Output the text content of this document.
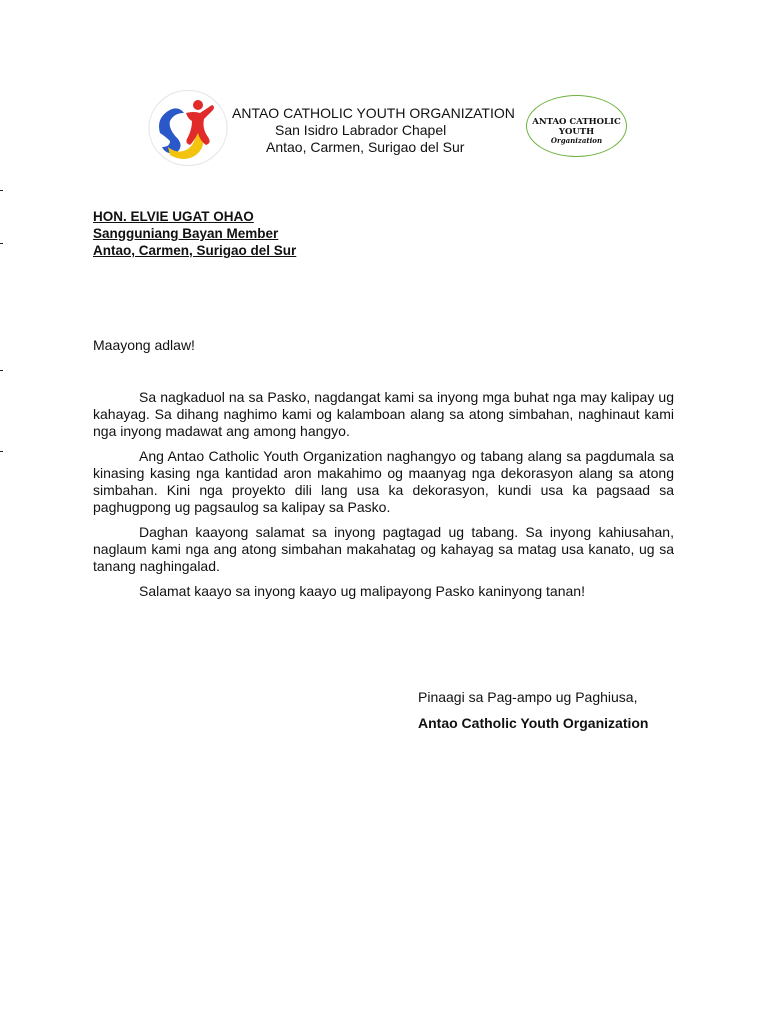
ANTAO CATHOLIC YOUTH ORGANIZATION
San Isidro Labrador Chapel
Antao, Carmen, Surigao del Sur
ANTAO CATHOLIC
YOUTH
Organization
HON. ELVIE UGAT OHAO
Sangguniang Bayan Member
Antao, Carmen, Surigao del Sur
Maayong adlaw!

Sa nagkaduol na sa Pasko, nagdangat kami sa inyong mga buhat nga may kalipay ug kahayag. Sa dihang naghimo kami og kalamboan alang sa atong simbahan, naghinaut kami nga inyong madawat ang among hangyo.

Ang Antao Catholic Youth Organization naghangyo og tabang alang sa pagdumala sa kinasing kasing nga kantidad aron makahimo og maanyag nga dekorasyon alang sa atong simbahan. Kini nga proyekto dili lang usa ka dekorasyon, kundi usa ka pagsaad sa paghugpong ug pagsaulog sa kalipay sa Pasko.

Daghan kaayong salamat sa inyong pagtagad ug tabang. Sa inyong kahiusahan, naglaum kami nga ang atong simbahan makahatag og kahayag sa matag usa kanato, ug sa tanang naghingalad.

Salamat kaayo sa inyong kaayo ug malipayong Pasko kaninyong tanan!

Pinaagi sa Pag-ampo ug Paghiusa,
Antao Catholic Youth Organization
